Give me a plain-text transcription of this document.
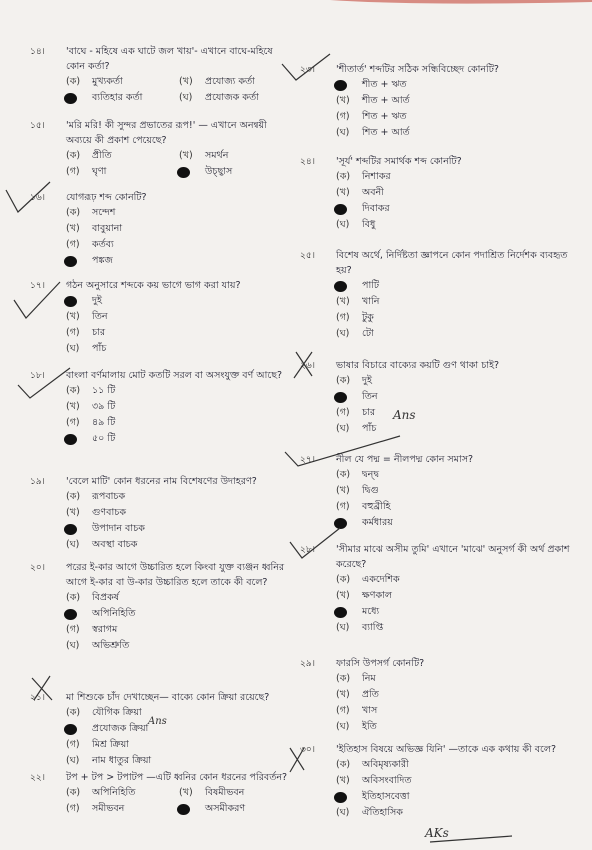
১৪। 'বাঘে - মহিষে এক ঘাটে জল খায়'- এখানে বাঘে-মহিষে কোন কর্তা?
(ক) মুখ্যকর্তা	(খ) প্রযোজ্য কর্তা
ব্যতিহার কর্তা	(ঘ) প্রযোজক কর্তা
১৫। 'মরি মরি! কী সুন্দর প্রভাতের রূপ!' — এখানে অনন্বয়ী অব্যয়ে কী প্রকাশ পেয়েছে?
(ক) প্রীতি	(খ) সমর্থন
(গ) ঘৃণা	উচ্ছ্বাস
১৬। যোগরূঢ় শব্দ কোনটি?
(ক) সন্দেশ
(খ) বাবুয়ানা
(গ) কর্তব্য
পঙ্কজ
১৭। গঠন অনুসারে শব্দকে কয় ভাগে ভাগ করা যায়?
দুই
(খ) তিন
(গ) চার
(ঘ) পাঁচ
১৮। বাংলা বর্ণমালায় মোট কতটি সরল বা অসংযুক্ত বর্ণ আছে?
(ক) ১১ টি
(খ) ৩৯ টি
(গ) ৪৯ টি
৫০ টি
১৯। 'বেলে মাটি' কোন ধরনের নাম বিশেষণের উদাহরণ?
(ক) রূপবাচক
(খ) গুণবাচক
উপাদান বাচক
(ঘ) অবস্থা বাচক
২০। পরের ই-কার আগে উচ্চারিত হলে কিংবা যুক্ত ব্যঞ্জন ধ্বনির আগে ই-কার বা উ-কার উচ্চারিত হলে তাকে কী বলে?
(ক) বিপ্রকর্ষ
অপিনিহিতি
(গ) স্বরাগম
(ঘ) অভিশ্রুতি
২১। মা শিশুকে চাঁদ দেখাচ্ছেন— বাক্যে কোন ক্রিয়া রয়েছে?
(ক) যৌগিক ক্রিয়া
প্রযোজক ক্রিয়া
(গ) মিশ্র ক্রিয়া
(ঘ) নাম ধাতুর ক্রিয়া
২২। টপ + টপ > টপাটপ —এটি ধ্বনির কোন ধরনের পরিবর্তন?
(ক) অপিনিহিতি	(খ) বিষমীভবন
(গ) সমীভবন	অসমীকরণ
২৩। 'শীতার্ত' শব্দটির সঠিক সন্ধিবিচ্ছেদ কোনটি?
শীত + ঋত
(খ) শীত + আর্ত
(গ) শিত + ঋত
(ঘ) শিত + আর্ত
২৪। 'সূর্য' শব্দটির সমার্থক শব্দ কোনটি?
(ক) নিশাকর
(খ) অবনী
দিবাকর
(ঘ) বিধু
২৫। বিশেষ অর্থে, নির্দিষ্টতা জ্ঞাপনে কোন পদাশ্রিত নির্দেশক ব্যবহৃত হয়?
পাটি
(খ) খানি
(গ) টুকু
(ঘ) টো
২৬। ভাষার বিচারে বাক্যের কয়টি গুণ থাকা চাই?
(ক) দুই
তিন
(গ) চার
(ঘ) পাঁচ
২৭। নীল যে পদ্ম = নীলপদ্ম কোন সমাস?
(ক) দ্বন্দ্ব
(খ) দ্বিগু
(গ) বহুব্রীহি
কর্মধারয়
২৮। 'সীমার মাঝে অসীম তুমি' এখানে 'মাঝে' অনুসর্গ কী অর্থ প্রকাশ করেছে?
(ক) একদেশিক
(খ) ক্ষণকাল
মধ্যে
(ঘ) ব্যাপ্তি
২৯। ফারসি উপসর্গ কোনটি?
(ক) নিম
(খ) প্রতি
(গ) খাস
(ঘ) ইতি
৩০। 'ইতিহাস বিষয়ে অভিজ্ঞ যিনি' —তাকে এক কথায় কী বলে?
(ক) অবিমৃষ্যকারী
(খ) অবিসংবাদিত
ইতিহাসবেত্তা
(ঘ) ঐতিহাসিক
Ans
Ans
AKs
